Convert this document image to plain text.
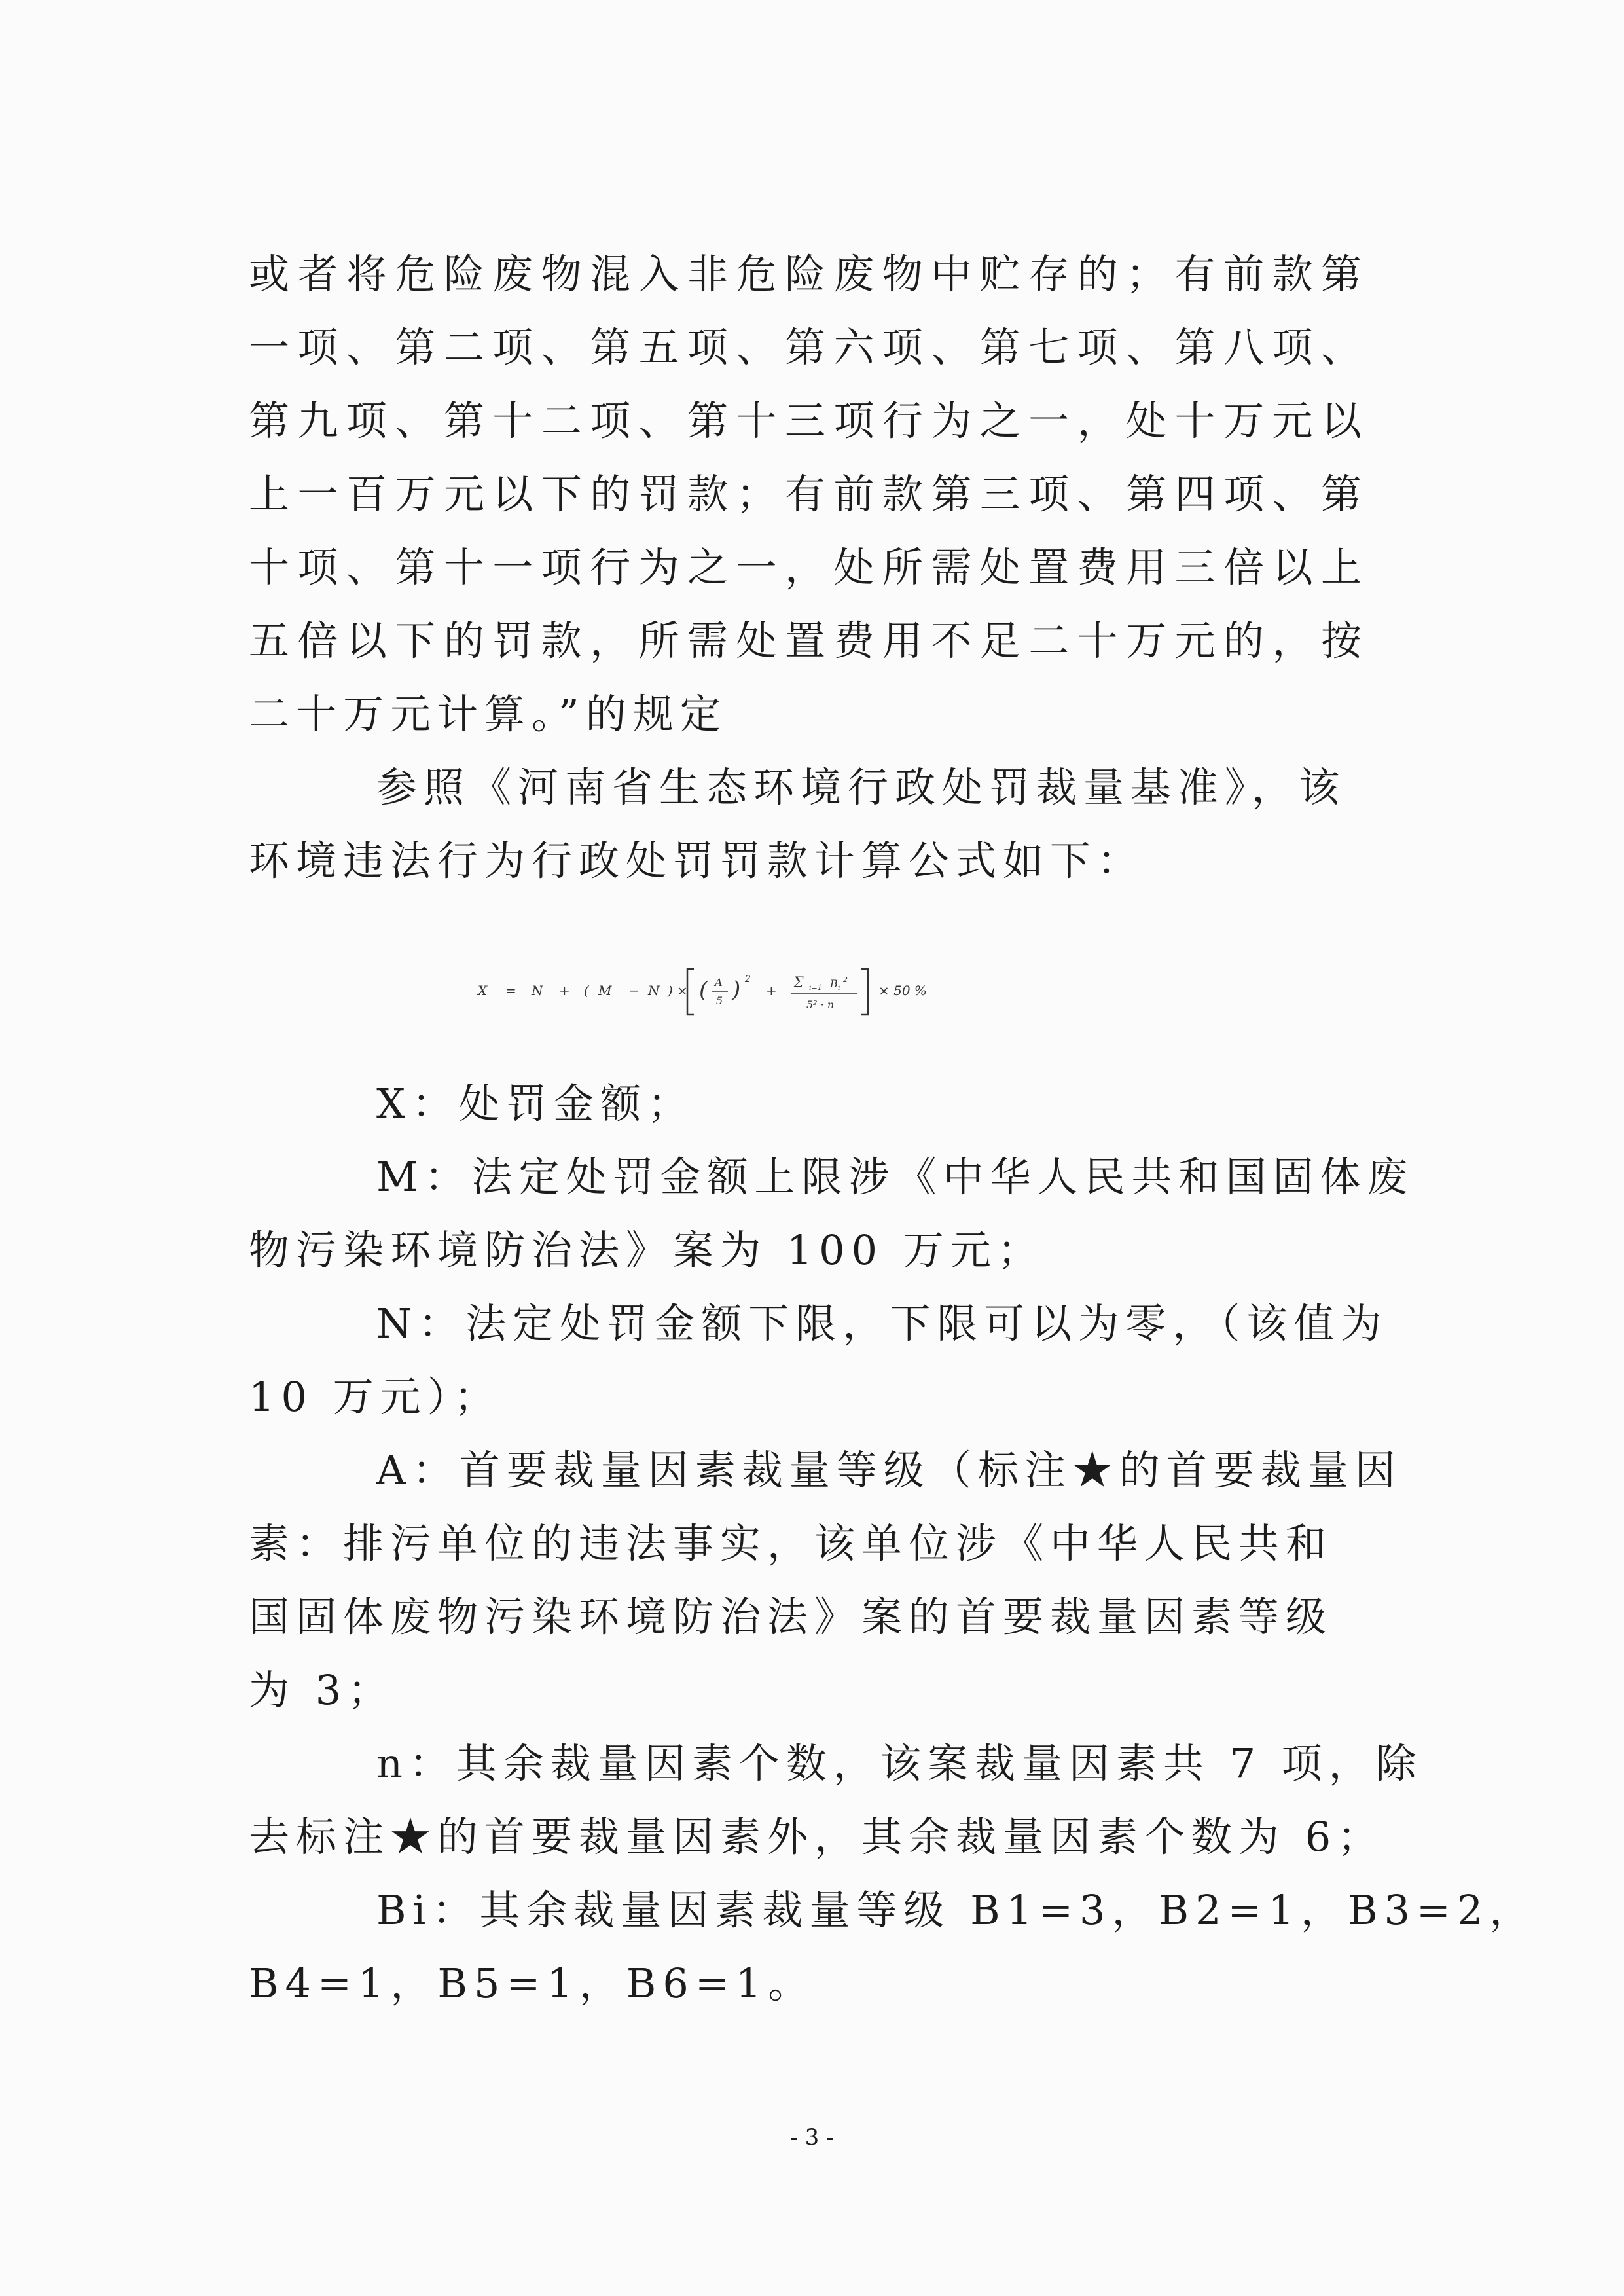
或者将危险废物混入非危险废物中贮存的；有前款第
一项、第二项、第五项、第六项、第七项、第八项、
第九项、第十二项、第十三项行为之一，处十万元以
上一百万元以下的罚款；有前款第三项、第四项、第
十项、第十一项行为之一，处所需处置费用三倍以上
五倍以下的罚款，所需处置费用不足二十万元的，按
二十万元计算。”的规定
参照《河南省生态环境行政处罚裁量基准》，该
环境违法行为行政处罚罚款计算公式如下：
X = N + ( M − N ) × ( A
5 ) 2
+ Σ i=1 B i
2
5² · n
× 50 %
X：处罚金额；
M：法定处罚金额上限涉《中华人民共和国固体废
物污染环境防治法》案为 100 万元；
N：法定处罚金额下限，下限可以为零，（该值为
10 万元）；
A：首要裁量因素裁量等级（标注★的首要裁量因
素：排污单位的违法事实，该单位涉《中华人民共和
国固体废物污染环境防治法》案的首要裁量因素等级
为 3；
n：其余裁量因素个数，该案裁量因素共 7 项，除
去标注★的首要裁量因素外，其余裁量因素个数为 6；
Bi：其余裁量因素裁量等级 B1=3，B2=1，B3=2，
B4=1，B5=1，B6=1。
- 3 -
